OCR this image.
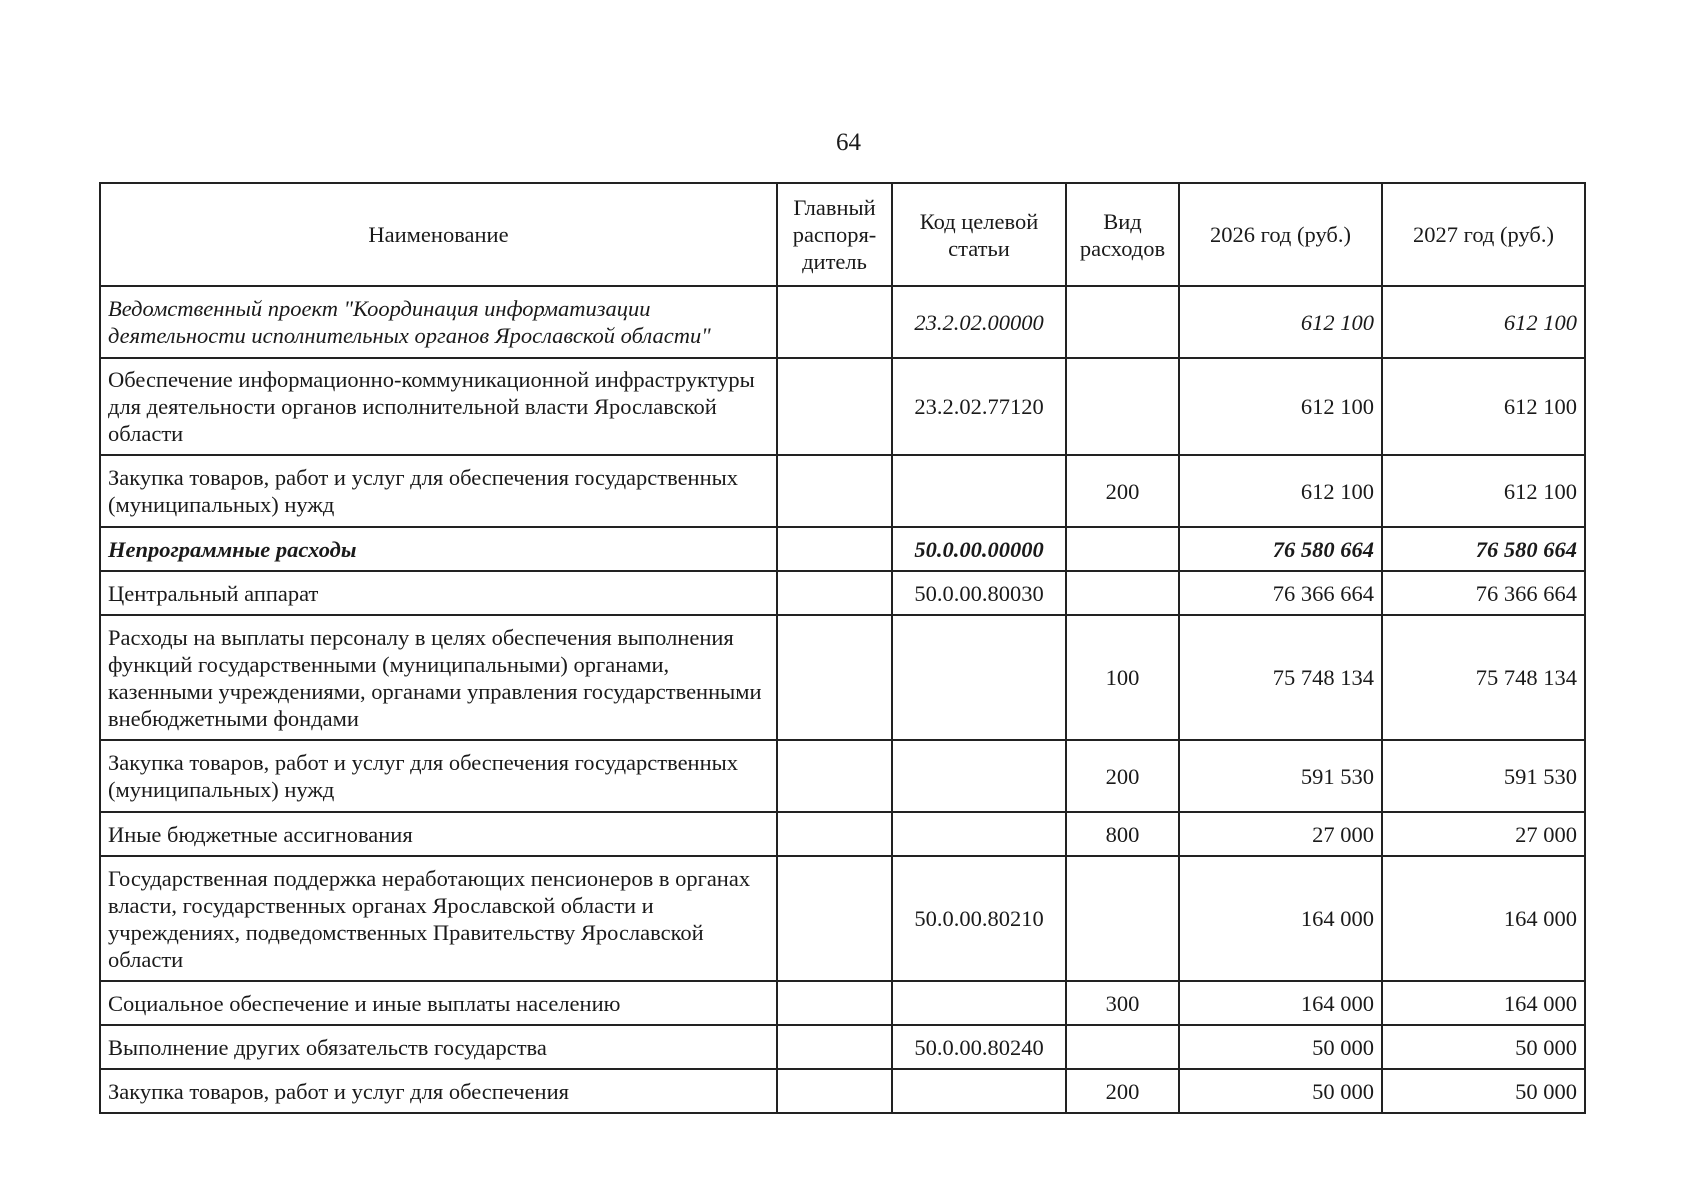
64
Наименование	Главный распоря-дитель	Код целевой статьи	Вид расходов	2026 год (руб.)	2027 год (руб.)
Ведомственный проект "Координация информатизации деятельности исполнительных органов Ярославской области"		23.2.02.00000		612 100	612 100
Обеспечение информационно-коммуникационной инфраструктуры для деятельности органов исполнительной власти Ярославской области		23.2.02.77120		612 100	612 100
Закупка товаров, работ и услуг для обеспечения государственных (муниципальных) нужд			200	612 100	612 100
Непрограммные расходы		50.0.00.00000		76 580 664	76 580 664
Центральный аппарат		50.0.00.80030		76 366 664	76 366 664
Расходы на выплаты персоналу в целях обеспечения выполнения функций государственными (муниципальными) органами, казенными учреждениями, органами управления государственными внебюджетными фондами			100	75 748 134	75 748 134
Закупка товаров, работ и услуг для обеспечения государственных (муниципальных) нужд			200	591 530	591 530
Иные бюджетные ассигнования			800	27 000	27 000
Государственная поддержка неработающих пенсионеров в органах власти, государственных органах Ярославской области и учреждениях, подведомственных Правительству Ярославской области		50.0.00.80210		164 000	164 000
Социальное обеспечение и иные выплаты населению			300	164 000	164 000
Выполнение других обязательств государства		50.0.00.80240		50 000	50 000
Закупка товаров, работ и услуг для обеспечения			200	50 000	50 000
